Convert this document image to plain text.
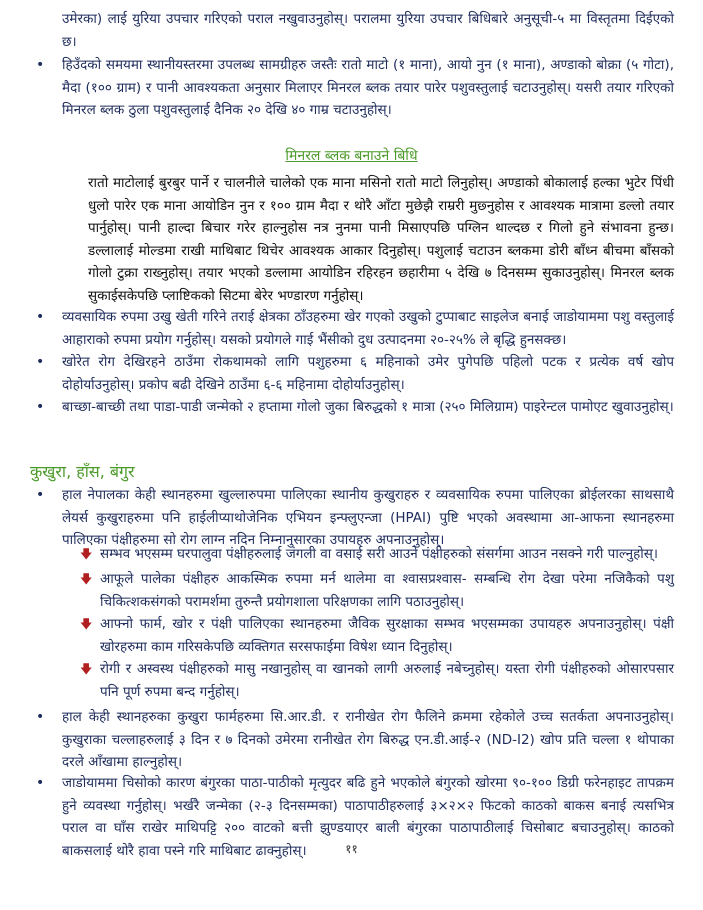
उमेरका) लाई युरिया उपचार गरिएको पराल नखुवाउनुहोस्। परालमा युरिया उपचार बिधिबारे अनुसूची-५ मा विस्तृतमा दिईएको छ।
• हिउँदको समयमा स्थानीयस्तरमा उपलब्ध सामग्रीहरु जस्तैः रातो माटो (१ माना), आयो नुन (१ माना), अण्डाको बोक्रा (५ गोटा), मैदा (१०० ग्राम) र पानी आवश्यकता अनुसार मिलाएर मिनरल ब्लक तयार पारेर पशुवस्तुलाई चटाउनुहोस्। यसरी तयार गरिएको मिनरल ब्लक ठुला पशुवस्तुलाई दैनिक २० देखि ४० गाम्र चटाउनुहोस्।
मिनरल ब्लक बनाउने बिधि
रातो माटोलाई बुरबुर पार्ने र चालनीले चालेको एक माना मसिनो रातो माटो लिनुहोस्। अण्डाको बोकालाई हल्का भुटेर पिंधी धुलो पारेर एक माना आयोडिन नुन र १०० ग्राम मैदा र थोरै आँटा मुछेझै राम्ररी मुछ्नुहोस र आवश्यक मात्रामा डल्लो तयार पार्नुहोस्। पानी हाल्दा बिचार गरेर हाल्नुहोस नत्र नुनमा पानी मिसाएपछि पग्लिन थाल्दछ र गिलो हुने संभावना हुन्छ। डल्लालाई मोल्डमा राखी माथिबाट थिचेर आवश्यक आकार दिनुहोस्। पशुलाई चटाउन ब्लकमा डोरी बाँध्न बीचमा बाँसको गोलो टुक्रा राख्नुहोस्। तयार भएको डल्लामा आयोडिन रहिरहन छहारीमा ५ देखि ७ दिनसम्म सुकाउनुहोस्। मिनरल ब्लक सुकाईसकेपछि प्लाष्टिकको सिटमा बेरेर भण्डारण गर्नुहोस्।
• व्यवसायिक रुपमा उखु खेती गरिने तराई क्षेत्रका ठाँउहरुमा खेर गएको उखुको टुप्पाबाट साइलेज बनाई जाडोयाममा पशु वस्तुलाई आहाराको रुपमा प्रयोग गर्नुहोस्। यसको प्रयोगले गाई भैंसीको दुध उत्पादनमा २०-२५% ले बृद्धि हुनसक्छ।
• खोरेत रोग देखिरहने ठाउँमा रोकथामको लागि पशुहरुमा ६ महिनाको उमेर पुगेपछि पहिलो पटक र प्रत्येक वर्ष खोप दोहोर्याउनुहोस्। प्रकोप बढी देखिने ठाउँमा ६-६ महिनामा दोहोर्याउनुहोस्।
• बाच्छा-बाच्छी तथा पाडा-पाडी जन्मेको २ हप्तामा गोलो जुका बिरुद्धको १ मात्रा (२५० मिलिग्राम) पाइरेन्टल पामोएट खुवाउनुहोस्।
कुखुरा, हाँस, बंगुर
• हाल नेपालका केही स्थानहरुमा खुल्लारुपमा पालिएका स्थानीय कुखुराहरु र व्यवसायिक रुपमा पालिएका ब्रोईलरका साथसाथै लेयर्स कुखुराहरुमा पनि हाईलीप्याथोजेनिक एभियन इन्फ्लुएन्जा (HPAI) पुष्टि भएको अवस्थामा आ-आफना स्थानहरुमा पालिएका पंक्षीहरुमा सो रोग लाग्न नदिन निम्नानुसारका उपायहरु अपनाउनुहोस्।
🡇 सम्भव भएसम्म घरपालुवा पंक्षीहरुलाई जंगली वा वसाई सरी आउने पंक्षीहरुको संसर्गमा आउन नसक्ने गरी पाल्नुहोस्।
🡇 आफूले पालेका पंक्षीहरु आकस्मिक रुपमा मर्न थालेमा वा श्वासप्रश्वास- सम्बन्धि रोग देखा परेमा नजिकैको पशु चिकित्शकसंगको परामर्शमा तुरुन्तै प्रयोगशाला परिक्षणका लागि पठाउनुहोस्।
🡇 आफ्नो फार्म, खोर र पंक्षी पालिएका स्थानहरुमा जैविक सुरक्षाका सम्भव भएसम्मका उपायहरु अपनाउनुहोस्। पंक्षी खोरहरुमा काम गरिसकेपछि व्यक्तिगत सरसफाईमा विषेश ध्यान दिनुहोस्।
🡇 रोगी र अस्वस्थ पंक्षीहरुको मासु नखानुहोस् वा खानको लागी अरुलाई नबेच्नुहोस्। यस्ता रोगी पंक्षीहरुको ओसारपसार पनि पूर्ण रुपमा बन्द गर्नुहोस्।
• हाल केही स्थानहरुका कुखुरा फार्महरुमा सि.आर.डी. र रानीखेत रोग फैलिने क्रममा रहेकोले उच्च सतर्कता अपनाउनुहोस्। कुखुराका चल्लाहरुलाई ३ दिन र ७ दिनको उमेरमा रानीखेत रोग बिरुद्ध एन.डी.आई-२ (ND-I2) खोप प्रति चल्ला १ थोपाका दरले आँखामा हाल्नुहोस्।
• जाडोयाममा चिसोको कारण बंगुरका पाठा-पाठीको मृत्युदर बढि हुने भएकोले बंगुरको खोरमा ९०-१०० डिग्री फरेनहाइट तापक्रम हुने व्यवस्था गर्नुहोस्। भर्खरै जन्मेका (२-३ दिनसम्मका) पाठापाठीहरुलाई ३×२×२ फिटको काठको बाकस बनाई त्यसभित्र पराल वा घाँस राखेर माथिपट्टि २०० वाटको बत्ती झुण्डयाएर बाली बंगुरका पाठापाठीलाई चिसोबाट बचाउनुहोस्। काठको बाकसलाई थोरै हावा पस्ने गरि माथिबाट ढाक्नुहोस्।	११
